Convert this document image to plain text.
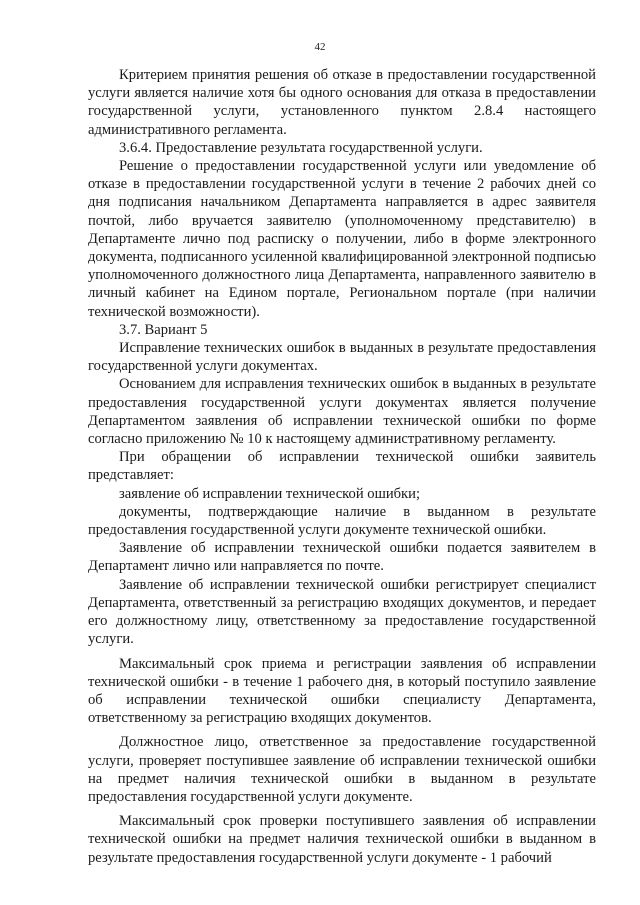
42

Критерием принятия решения об отказе в предоставлении государственной услуги является наличие хотя бы одного основания для отказа в предоставлении государственной услуги, установленного пунктом 2.8.4 настоящего административного регламента.

3.6.4. Предоставление результата государственной услуги.

Решение о предоставлении государственной услуги или уведомление об отказе в предоставлении государственной услуги в течение 2 рабочих дней со дня подписания начальником Департамента направляется в адрес заявителя почтой, либо вручается заявителю (уполномоченному представителю) в Департаменте лично под расписку о получении, либо в форме электронного документа, подписанного усиленной квалифицированной электронной подписью уполномоченного должностного лица Департамента, направленного заявителю в личный кабинет на Едином портале, Региональном портале (при наличии технической возможности).

3.7. Вариант 5

Исправление технических ошибок в выданных в результате предоставления государственной услуги документах.

Основанием для исправления технических ошибок в выданных в результате предоставления государственной услуги документах является получение Департаментом заявления об исправлении технической ошибки по форме согласно приложению № 10 к настоящему административному регламенту.

При обращении об исправлении технической ошибки заявитель представляет:

заявление об исправлении технической ошибки;

документы, подтверждающие наличие в выданном в результате предоставления государственной услуги документе технической ошибки.

Заявление об исправлении технической ошибки подается заявителем в Департамент лично или направляется по почте.

Заявление об исправлении технической ошибки регистрирует специалист Департамента, ответственный за регистрацию входящих документов, и передает его должностному лицу, ответственному за предоставление государственной услуги.

Максимальный срок приема и регистрации заявления об исправлении технической ошибки - в течение 1 рабочего дня, в который поступило заявление об исправлении технической ошибки специалисту Департамента, ответственному за регистрацию входящих документов.

Должностное лицо, ответственное за предоставление государственной услуги, проверяет поступившее заявление об исправлении технической ошибки на предмет наличия технической ошибки в выданном в результате предоставления государственной услуги документе.

Максимальный срок проверки поступившего заявления об исправлении технической ошибки на предмет наличия технической ошибки в выданном в результате предоставления государственной услуги документе - 1 рабочий
